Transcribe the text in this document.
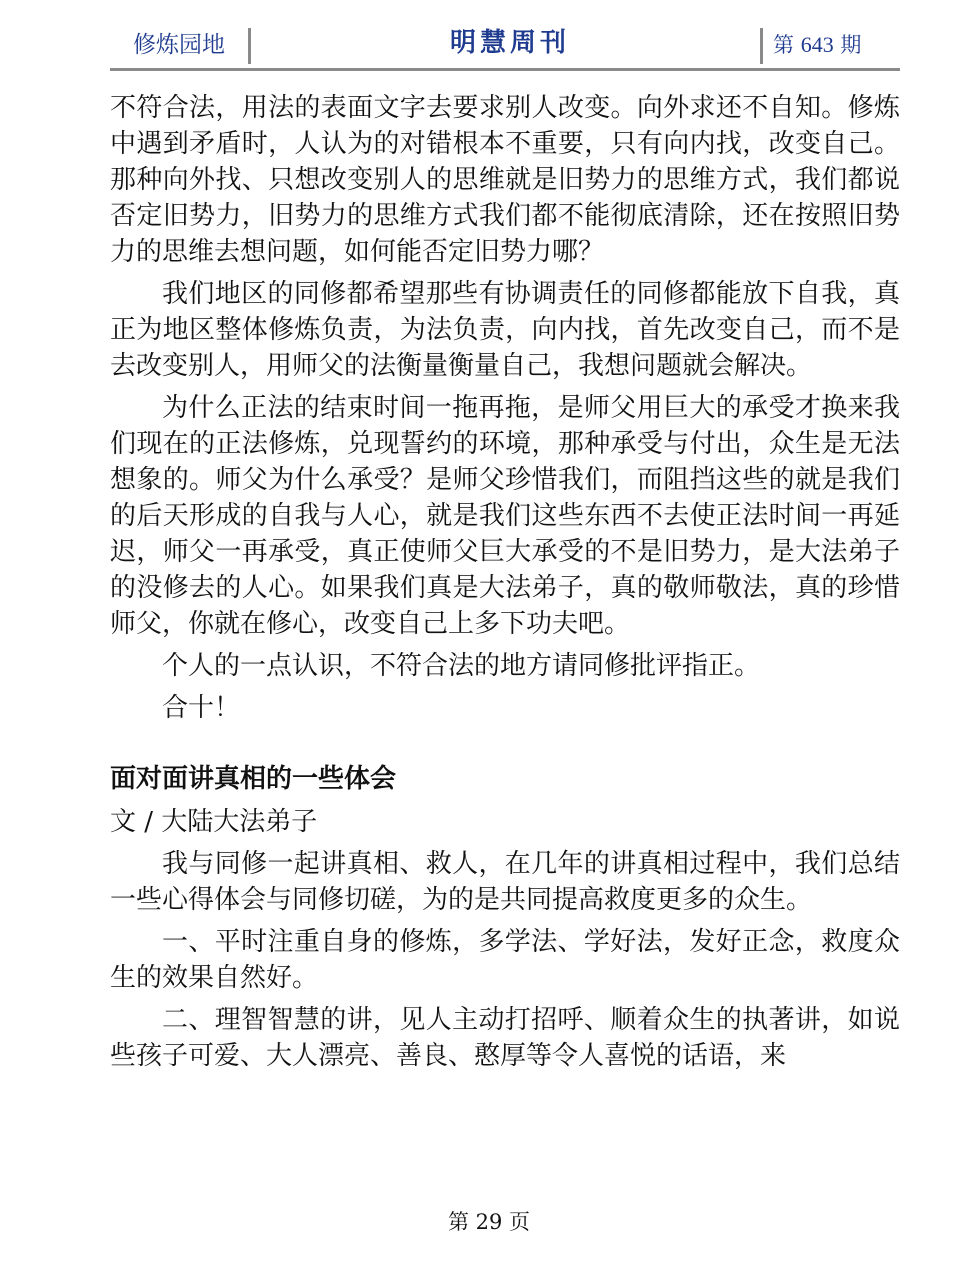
修炼园地	明慧周刊	第 643 期

不符合法，用法的表面文字去要求别人改变。向外求还不自知。修炼中遇到矛盾时，人认为的对错根本不重要，只有向内找，改变自己。那种向外找、只想改变别人的思维就是旧势力的思维方式，我们都说否定旧势力，旧势力的思维方式我们都不能彻底清除，还在按照旧势力的思维去想问题，如何能否定旧势力哪？

我们地区的同修都希望那些有协调责任的同修都能放下自我，真正为地区整体修炼负责，为法负责，向内找，首先改变自己，而不是去改变别人，用师父的法衡量衡量自己，我想问题就会解决。

为什么正法的结束时间一拖再拖，是师父用巨大的承受才换来我们现在的正法修炼，兑现誓约的环境，那种承受与付出，众生是无法想象的。师父为什么承受？是师父珍惜我们，而阻挡这些的就是我们的后天形成的自我与人心，就是我们这些东西不去使正法时间一再延迟，师父一再承受，真正使师父巨大承受的不是旧势力，是大法弟子的没修去的人心。如果我们真是大法弟子，真的敬师敬法，真的珍惜师父，你就在修心，改变自己上多下功夫吧。

个人的一点认识，不符合法的地方请同修批评指正。

合十！

面对面讲真相的一些体会

文 / 大陆大法弟子

我与同修一起讲真相、救人，在几年的讲真相过程中，我们总结一些心得体会与同修切磋，为的是共同提高救度更多的众生。

一、平时注重自身的修炼，多学法、学好法，发好正念，救度众生的效果自然好。

二、理智智慧的讲，见人主动打招呼、顺着众生的执著讲，如说些孩子可爱、大人漂亮、善良、憨厚等令人喜悦的话语，来

第 29 页
